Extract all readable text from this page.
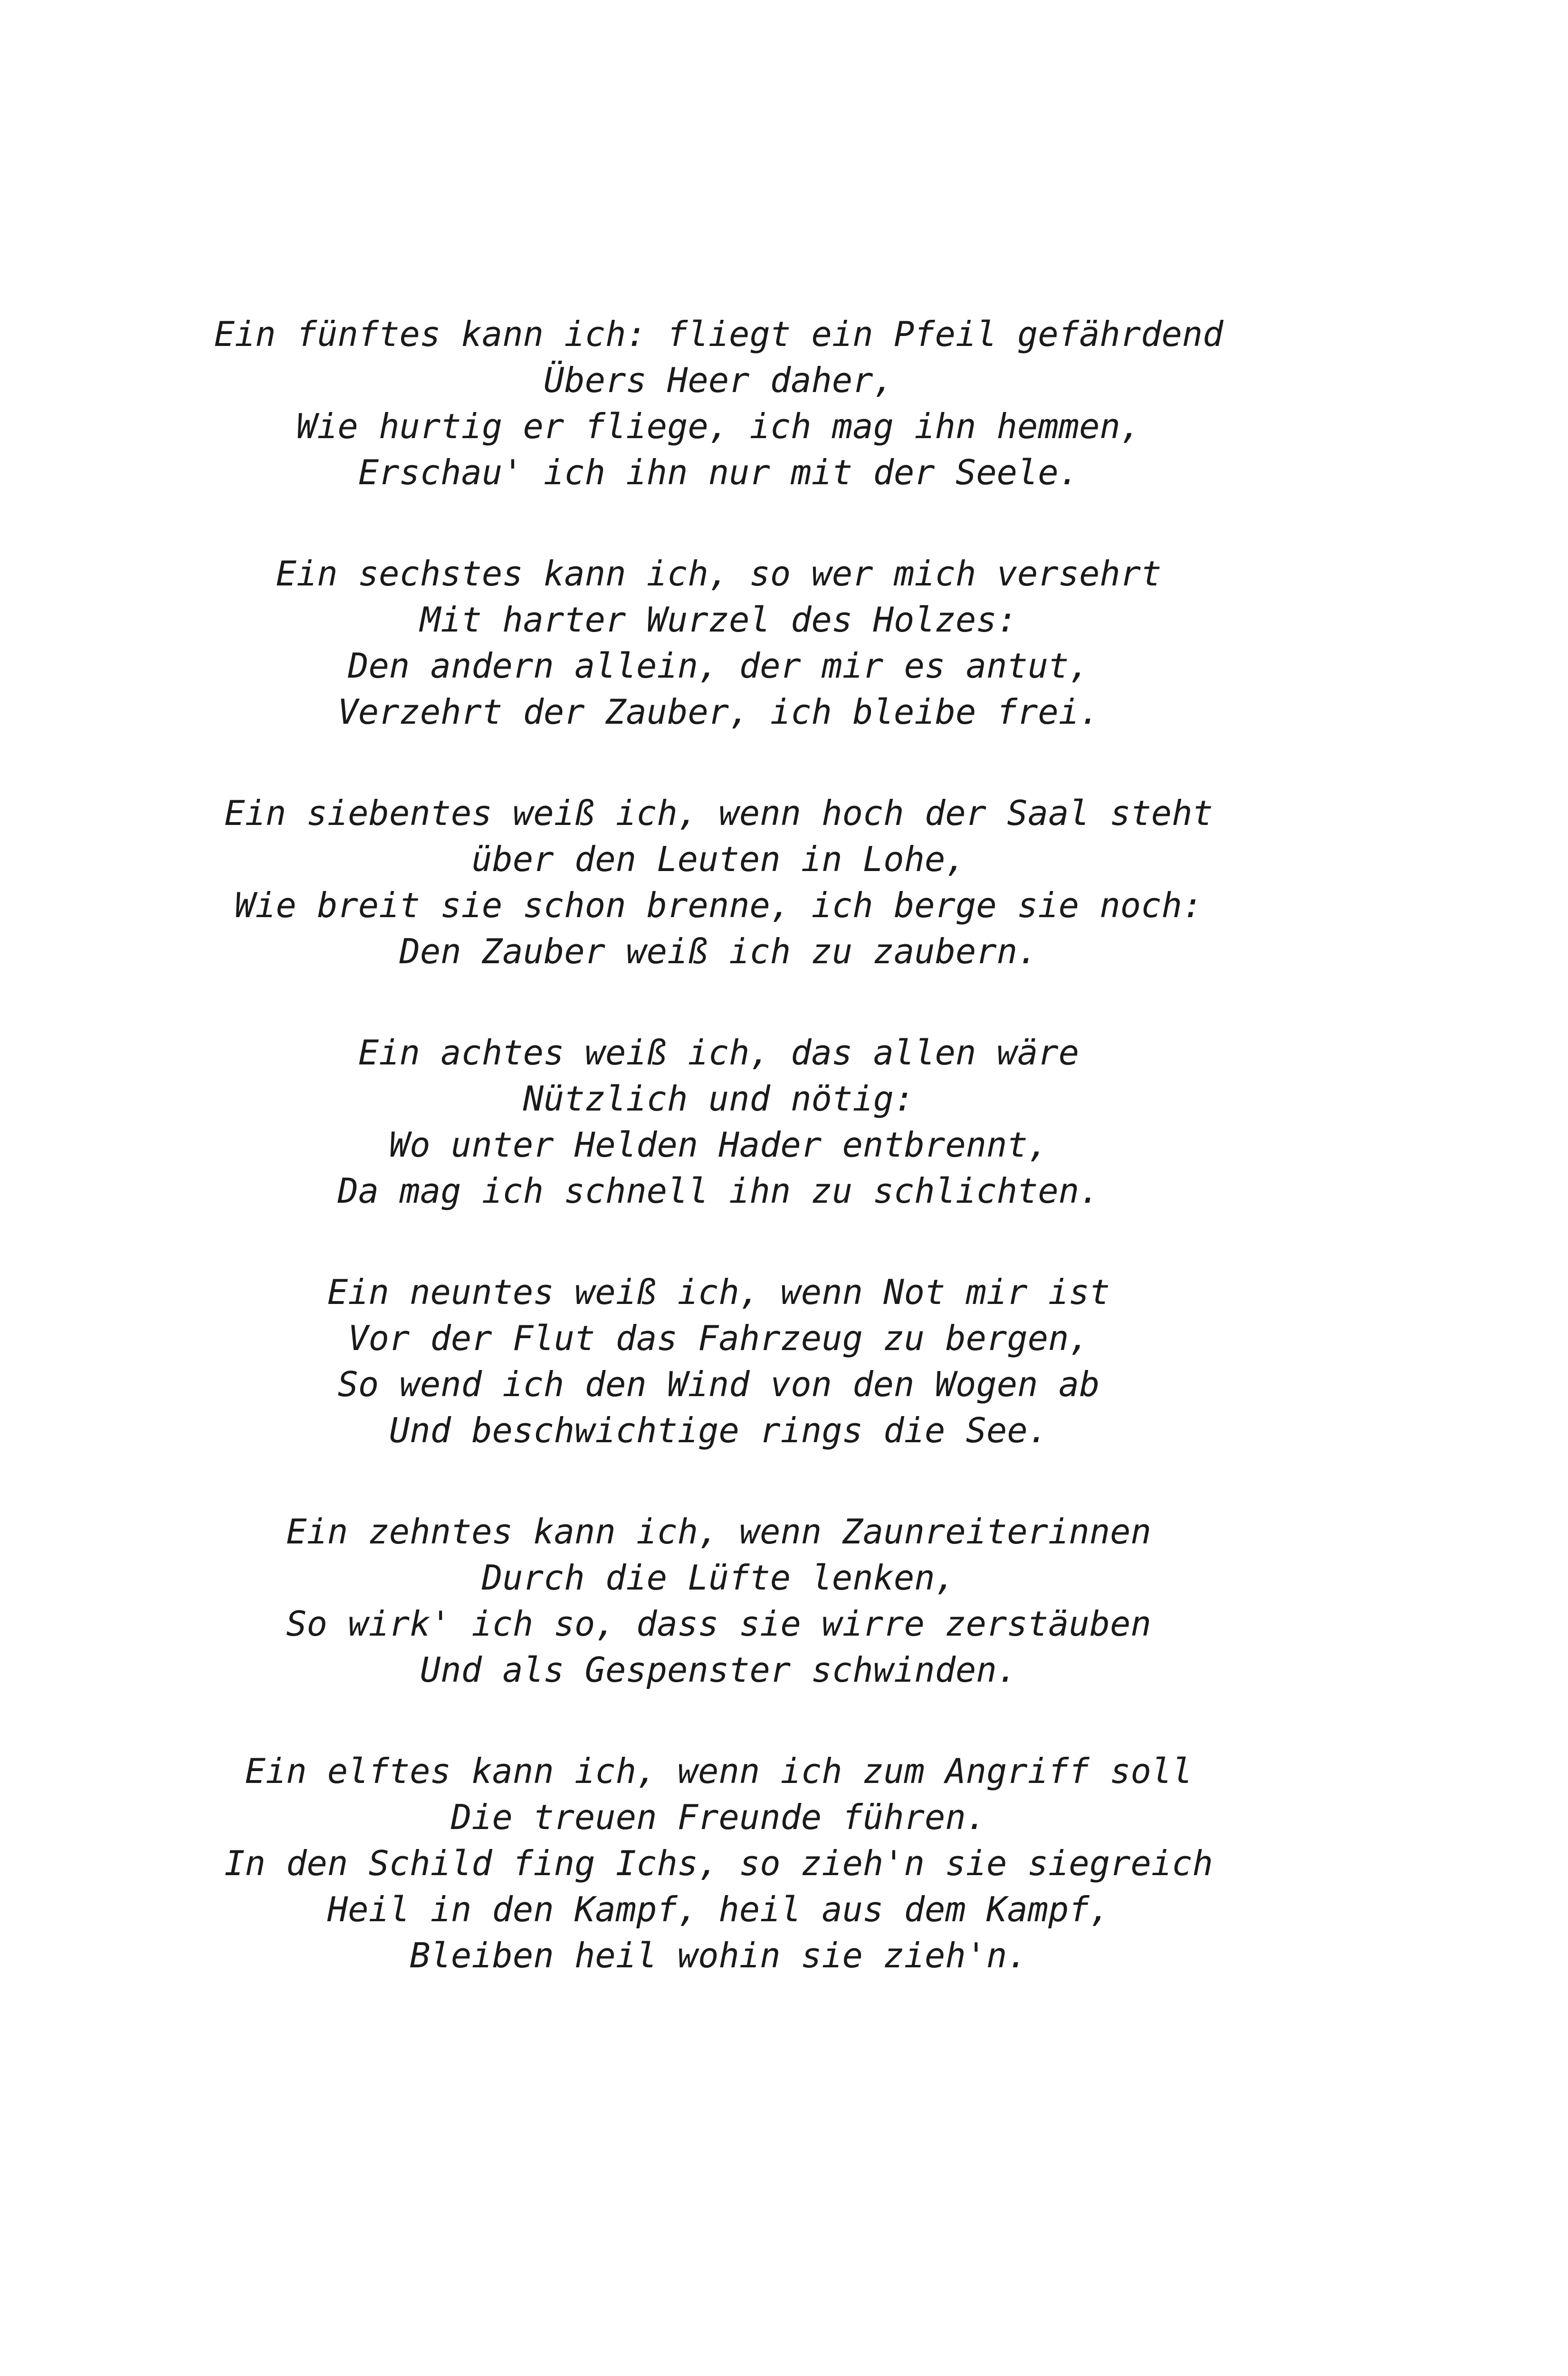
Ein fünftes kann ich: fliegt ein Pfeil gefährdend
Übers Heer daher,
Wie hurtig er fliege, ich mag ihn hemmen,
Erschau' ich ihn nur mit der Seele.

Ein sechstes kann ich, so wer mich versehrt
Mit harter Wurzel des Holzes:
Den andern allein, der mir es antut,
Verzehrt der Zauber, ich bleibe frei.

Ein siebentes weiß ich, wenn hoch der Saal steht
über den Leuten in Lohe,
Wie breit sie schon brenne, ich berge sie noch:
Den Zauber weiß ich zu zaubern.

Ein achtes weiß ich, das allen wäre
Nützlich und nötig:
Wo unter Helden Hader entbrennt,
Da mag ich schnell ihn zu schlichten.

Ein neuntes weiß ich, wenn Not mir ist
Vor der Flut das Fahrzeug zu bergen,
So wend ich den Wind von den Wogen ab
Und beschwichtige rings die See.

Ein zehntes kann ich, wenn Zaunreiterinnen
Durch die Lüfte lenken,
So wirk' ich so, dass sie wirre zerstäuben
Und als Gespenster schwinden.

Ein elftes kann ich, wenn ich zum Angriff soll
Die treuen Freunde führen.
In den Schild fing Ichs, so zieh'n sie siegreich
Heil in den Kampf, heil aus dem Kampf,
Bleiben heil wohin sie zieh'n.
